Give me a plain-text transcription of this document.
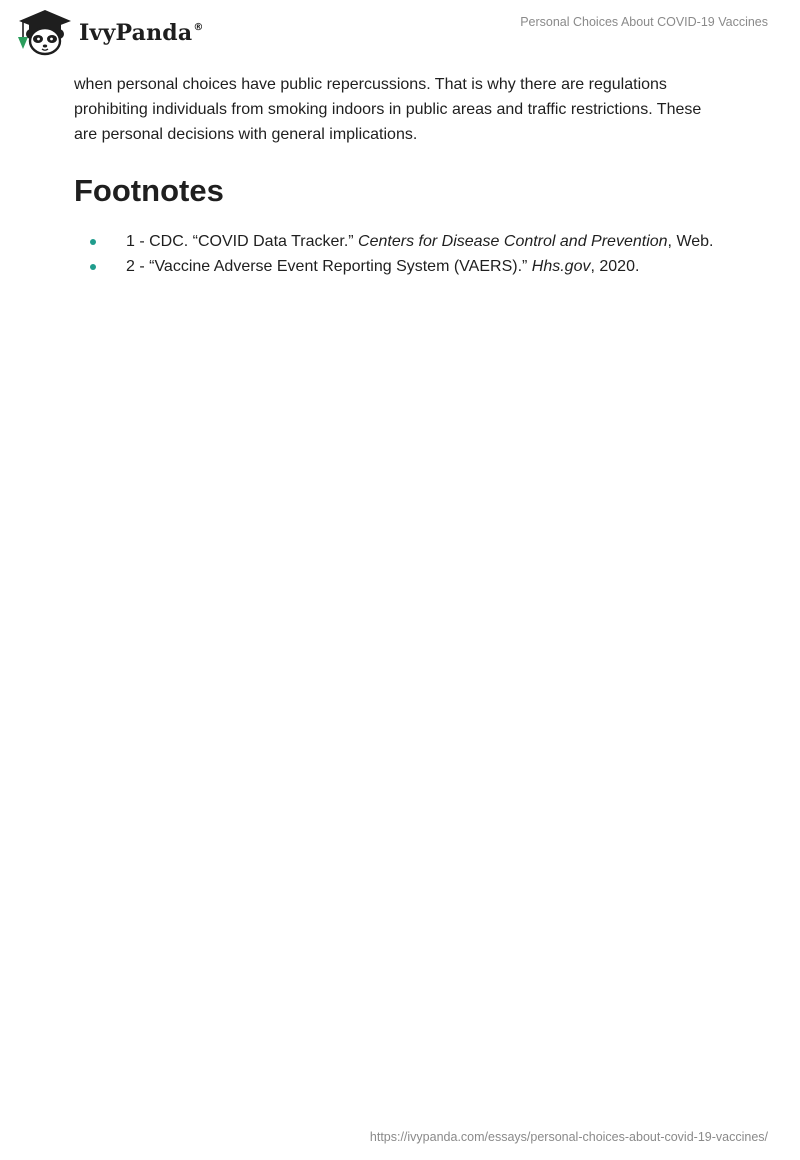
IvyPanda®	Personal Choices About COVID-19 Vaccines

when personal choices have public repercussions. That is why there are regulations prohibiting individuals from smoking indoors in public areas and traffic restrictions. These are personal decisions with general implications.

Footnotes
1 - CDC. “COVID Data Tracker.” Centers for Disease Control and Prevention, Web.
2 - “Vaccine Adverse Event Reporting System (VAERS).” Hhs.gov, 2020.
https://ivypanda.com/essays/personal-choices-about-covid-19-vaccines/
